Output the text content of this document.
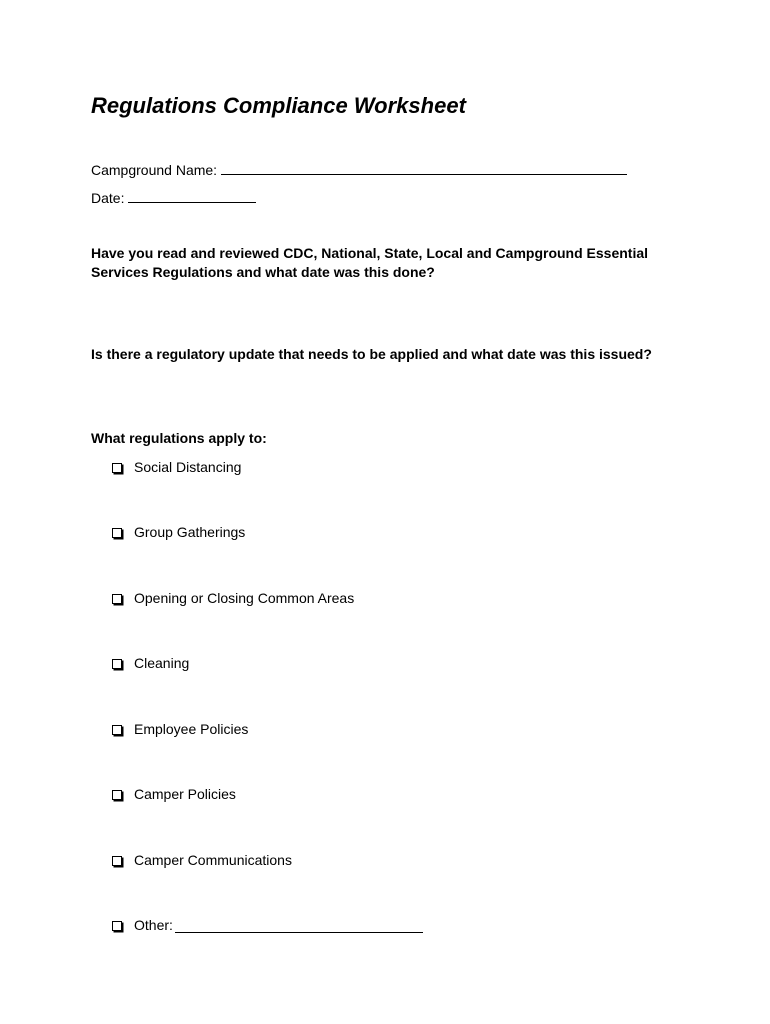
Regulations Compliance Worksheet
Campground Name:
Date:
Have you read and reviewed CDC, National, State, Local and Campground Essential Services Regulations and what date was this done?
Is there a regulatory update that needs to be applied and what date was this issued?
What regulations apply to:
Social Distancing
Group Gatherings
Opening or Closing Common Areas
Cleaning
Employee Policies
Camper Policies
Camper Communications
Other:
